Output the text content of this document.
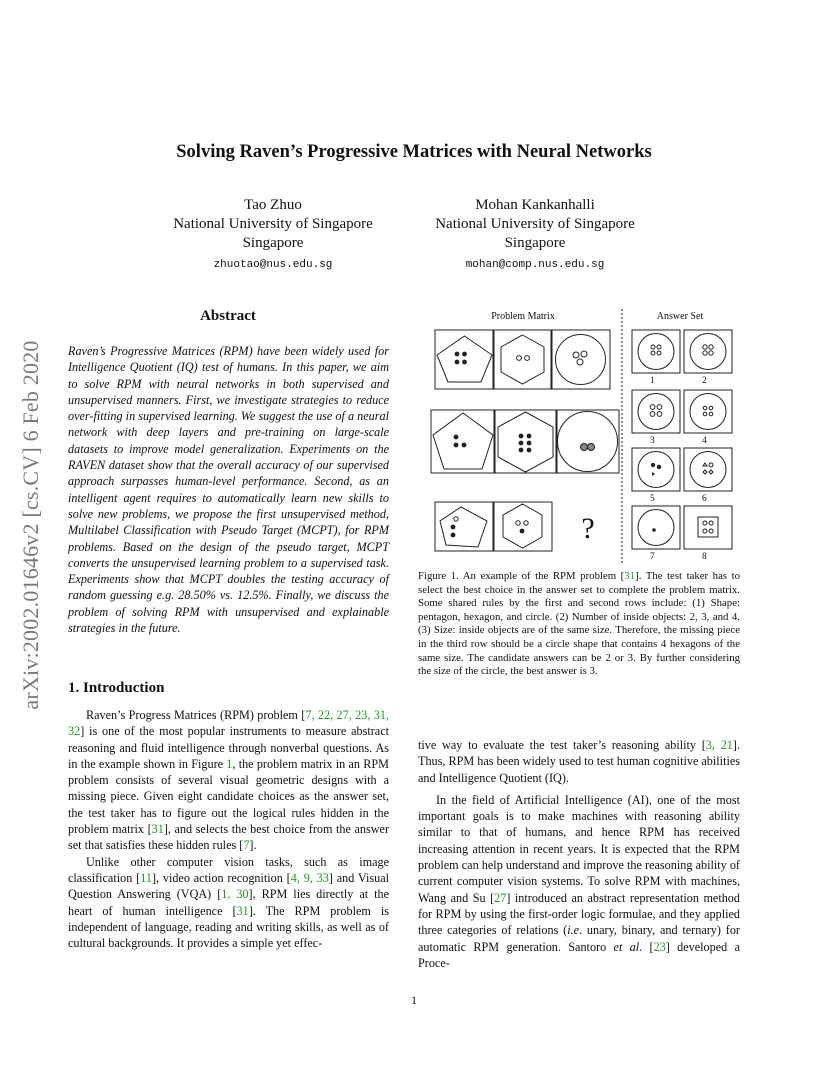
arXiv:2002.01646v2 [cs.CV] 6 Feb 2020
Solving Raven’s Progressive Matrices with Neural Networks
Tao Zhuo
National University of Singapore
Singapore
zhuotao@nus.edu.sg
Mohan Kankanhalli
National University of Singapore
Singapore
mohan@comp.nus.edu.sg
Abstract
Raven’s Progressive Matrices (RPM) have been widely used for Intelligence Quotient (IQ) test of humans. In this paper, we aim to solve RPM with neural networks in both supervised and unsupervised manners. First, we investigate strategies to reduce over-fitting in supervised learning. We suggest the use of a neural network with deep layers and pre-training on large-scale datasets to improve model generalization. Experiments on the RAVEN dataset show that the overall accuracy of our supervised approach surpasses human-level performance. Second, as an intelligent agent requires to automatically learn new skills to solve new problems, we propose the first unsupervised method, Multilabel Classification with Pseudo Target (MCPT), for RPM problems. Based on the design of the pseudo target, MCPT converts the unsupervised learning problem to a supervised task. Experiments show that MCPT doubles the testing accuracy of random guessing e.g. 28.50% vs. 12.5%. Finally, we discuss the problem of solving RPM with unsupervised and explainable strategies in the future.
1. Introduction

Raven’s Progress Matrices (RPM) problem [7, 22, 27, 23, 31, 32] is one of the most popular instruments to measure abstract reasoning and fluid intelligence through nonverbal questions. As in the example shown in Figure 1, the problem matrix in an RPM problem consists of several visual geometric designs with a missing piece. Given eight candidate choices as the answer set, the test taker has to figure out the logical rules hidden in the problem matrix [31], and selects the best choice from the answer set that satisfies these hidden rules [7].

Unlike other computer vision tasks, such as image classification [11], video action recognition [4, 9, 33] and Visual Question Answering (VQA) [1, 30], RPM lies directly at the heart of human intelligence [31]. The RPM problem is independent of language, reading and writing skills, as well as of cultural backgrounds. It provides a simple yet effec-

Problem Matrix	Answer Set
?
1	2
3	4
5	6
7	8
Figure 1. An example of the RPM problem [31]. The test taker has to select the best choice in the answer set to complete the problem matrix. Some shared rules by the first and second rows include: (1) Shape: pentagon, hexagon, and circle. (2) Number of inside objects: 2, 3, and 4. (3) Size: inside objects are of the same size. Therefore, the missing piece in the third row should be a circle shape that contains 4 hexagons of the same size. The candidate answers can be 2 or 3. By further considering the size of the circle, the best answer is 3.

tive way to evaluate the test taker’s reasoning ability [3, 21]. Thus, RPM has been widely used to test human cognitive abilities and Intelligence Quotient (IQ).

In the field of Artificial Intelligence (AI), one of the most important goals is to make machines with reasoning ability similar to that of humans, and hence RPM has received increasing attention in recent years. It is expected that the RPM problem can help understand and improve the reasoning ability of current computer vision systems. To solve RPM with machines, Wang and Su [27] introduced an abstract representation method for RPM by using the first-order logic formulae, and they applied three categories of relations (i.e. unary, binary, and ternary) for automatic RPM generation. Santoro et al. [23] developed a Proce-

1
